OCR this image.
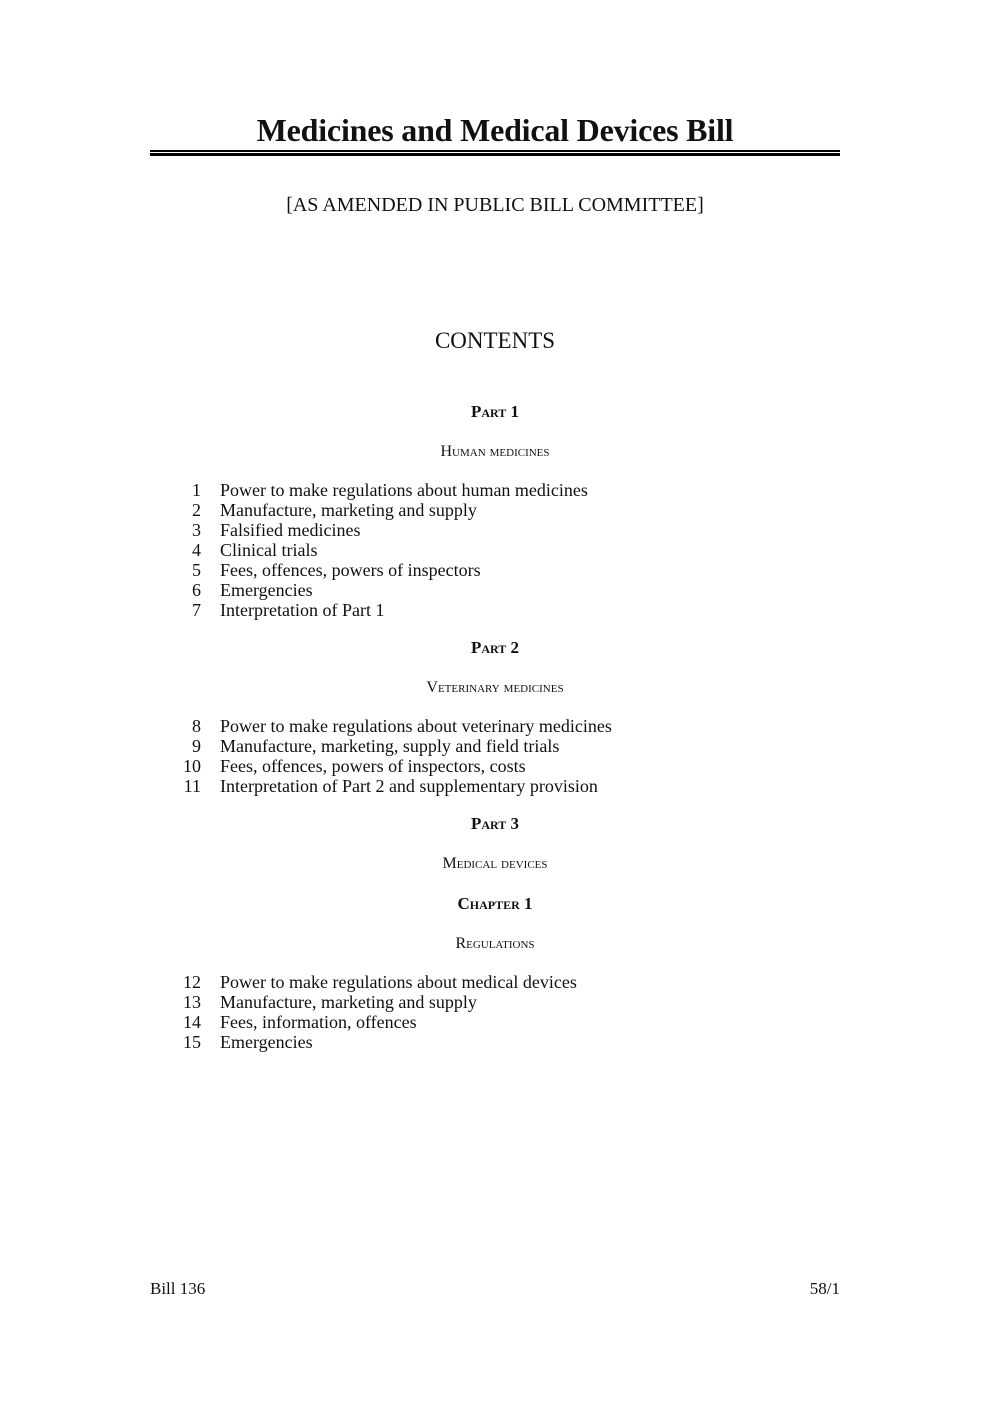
Medicines and Medical Devices Bill
[AS AMENDED IN PUBLIC BILL COMMITTEE]
CONTENTS
Part 1
Human medicines
1	Power to make regulations about human medicines
2	Manufacture, marketing and supply
3	Falsified medicines
4	Clinical trials
5	Fees, offences, powers of inspectors
6	Emergencies
7	Interpretation of Part 1
Part 2
Veterinary medicines
8	Power to make regulations about veterinary medicines
9	Manufacture, marketing, supply and field trials
10	Fees, offences, powers of inspectors, costs
11	Interpretation of Part 2 and supplementary provision
Part 3
Medical devices
Chapter 1
Regulations
12	Power to make regulations about medical devices
13	Manufacture, marketing and supply
14	Fees, information, offences
15	Emergencies
Bill 136	58/1
